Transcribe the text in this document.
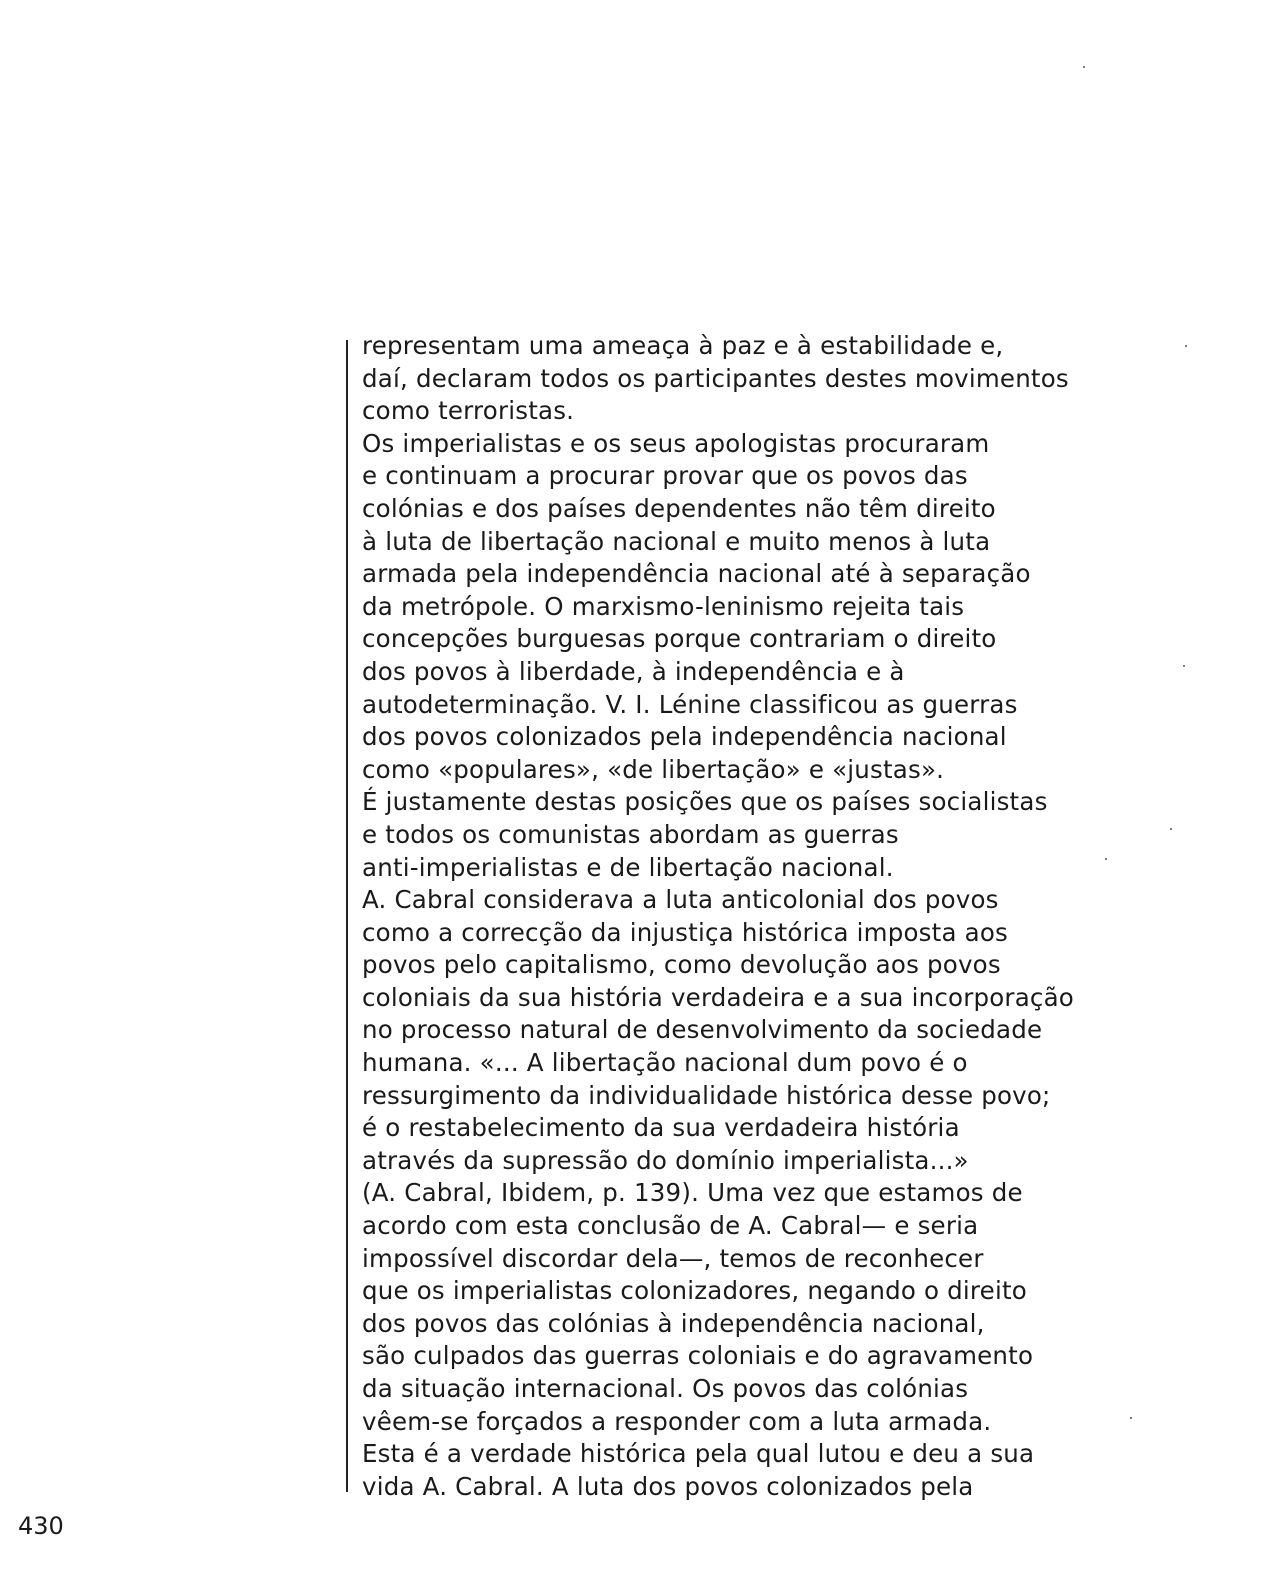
representam uma ameaça à paz e à estabilidade e,
daí, declaram todos os participantes destes movimentos
como terroristas.
Os imperialistas e os seus apologistas procuraram
e continuam a procurar provar que os povos das
colónias e dos países dependentes não têm direito
à luta de libertação nacional e muito menos à luta
armada pela independência nacional até à separação
da metrópole. O marxismo-leninismo rejeita tais
concepções burguesas porque contrariam o direito
dos povos à liberdade, à independência e à
autodeterminação. V. I. Lénine classificou as guerras
dos povos colonizados pela independência nacional
como «populares», «de libertação» e «justas».
É justamente destas posições que os países socialistas
e todos os comunistas abordam as guerras
anti-imperialistas e de libertação nacional.
A. Cabral considerava a luta anticolonial dos povos
como a correcção da injustiça histórica imposta aos
povos pelo capitalismo, como devolução aos povos
coloniais da sua história verdadeira e a sua incorporação
no processo natural de desenvolvimento da sociedade
humana. «... A libertação nacional dum povo é o
ressurgimento da individualidade histórica desse povo;
é o restabelecimento da sua verdadeira história
através da supressão do domínio imperialista...»
(A. Cabral, Ibidem, p. 139). Uma vez que estamos de
acordo com esta conclusão de A. Cabral— e seria
impossível discordar dela—, temos de reconhecer
que os imperialistas colonizadores, negando o direito
dos povos das colónias à independência nacional,
são culpados das guerras coloniais e do agravamento
da situação internacional. Os povos das colónias
vêem-se forçados a responder com a luta armada.
Esta é a verdade histórica pela qual lutou e deu a sua
vida A. Cabral. A luta dos povos colonizados pela
430
